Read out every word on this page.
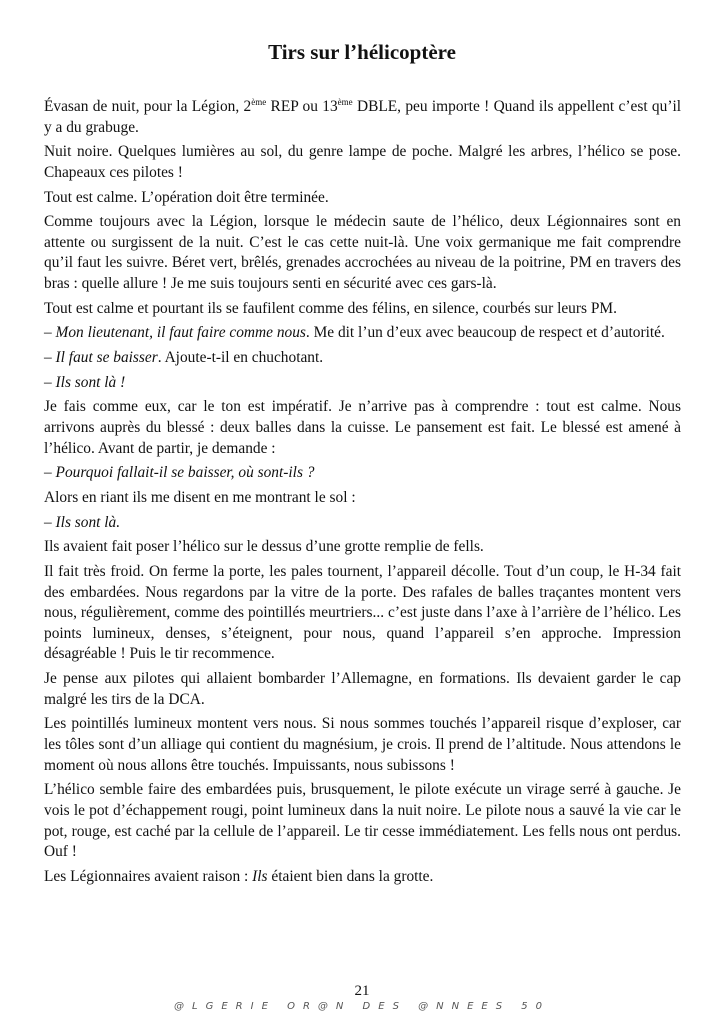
Tirs sur l’hélicoptère

Évasan de nuit, pour la Légion, 2ème REP ou 13ème DBLE, peu importe ! Quand ils appellent c’est qu’il y a du grabuge.

Nuit noire. Quelques lumières au sol, du genre lampe de poche. Malgré les arbres, l’hélico se pose. Chapeaux ces pilotes !

Tout est calme. L’opération doit être terminée.

Comme toujours avec la Légion, lorsque le médecin saute de l’hélico, deux Légionnaires sont en attente ou surgissent de la nuit. C’est le cas cette nuit-là. Une voix germanique me fait comprendre qu’il faut les suivre. Béret vert, brêlés, grenades accrochées au niveau de la poitrine, PM en travers des bras : quelle allure ! Je me suis toujours senti en sécurité avec ces gars-là.

Tout est calme et pourtant ils se faufilent comme des félins, en silence, courbés sur leurs PM.

– Mon lieutenant, il faut faire comme nous. Me dit l’un d’eux avec beaucoup de respect et d’autorité.

– Il faut se baisser. Ajoute-t-il en chuchotant.

– Ils sont là !

Je fais comme eux, car le ton est impératif. Je n’arrive pas à comprendre : tout est calme. Nous arrivons auprès du blessé : deux balles dans la cuisse. Le pansement est fait. Le blessé est amené à l’hélico. Avant de partir, je demande :

– Pourquoi fallait-il se baisser, où sont-ils ?

Alors en riant ils me disent en me montrant le sol :

– Ils sont là.

Ils avaient fait poser l’hélico sur le dessus d’une grotte remplie de fells.

Il fait très froid. On ferme la porte, les pales tournent, l’appareil décolle. Tout d’un coup, le H-34 fait des embardées. Nous regardons par la vitre de la porte. Des rafales de balles traçantes montent vers nous, régulièrement, comme des pointillés meurtriers... c’est juste dans l’axe à l’arrière de l’hélico. Les points lumineux, denses, s’éteignent, pour nous, quand l’appareil s’en approche. Impression désagréable ! Puis le tir recommence.

Je pense aux pilotes qui allaient bombarder l’Allemagne, en formations. Ils devaient garder le cap malgré les tirs de la DCA.

Les pointillés lumineux montent vers nous. Si nous sommes touchés l’appareil risque d’exploser, car les tôles sont d’un alliage qui contient du magnésium, je crois. Il prend de l’altitude. Nous attendons le moment où nous allons être touchés. Impuissants, nous subissons !

L’hélico semble faire des embardées puis, brusquement, le pilote exécute un virage serré à gauche. Je vois le pot d’échappement rougi, point lumineux dans la nuit noire. Le pilote nous a sauvé la vie car le pot, rouge, est caché par la cellule de l’appareil. Le tir cesse immédiatement. Les fells nous ont perdus. Ouf !

Les Légionnaires avaient raison : Ils étaient bien dans la grotte.

21
@LGERIE OR@N DES @NNEES 50
